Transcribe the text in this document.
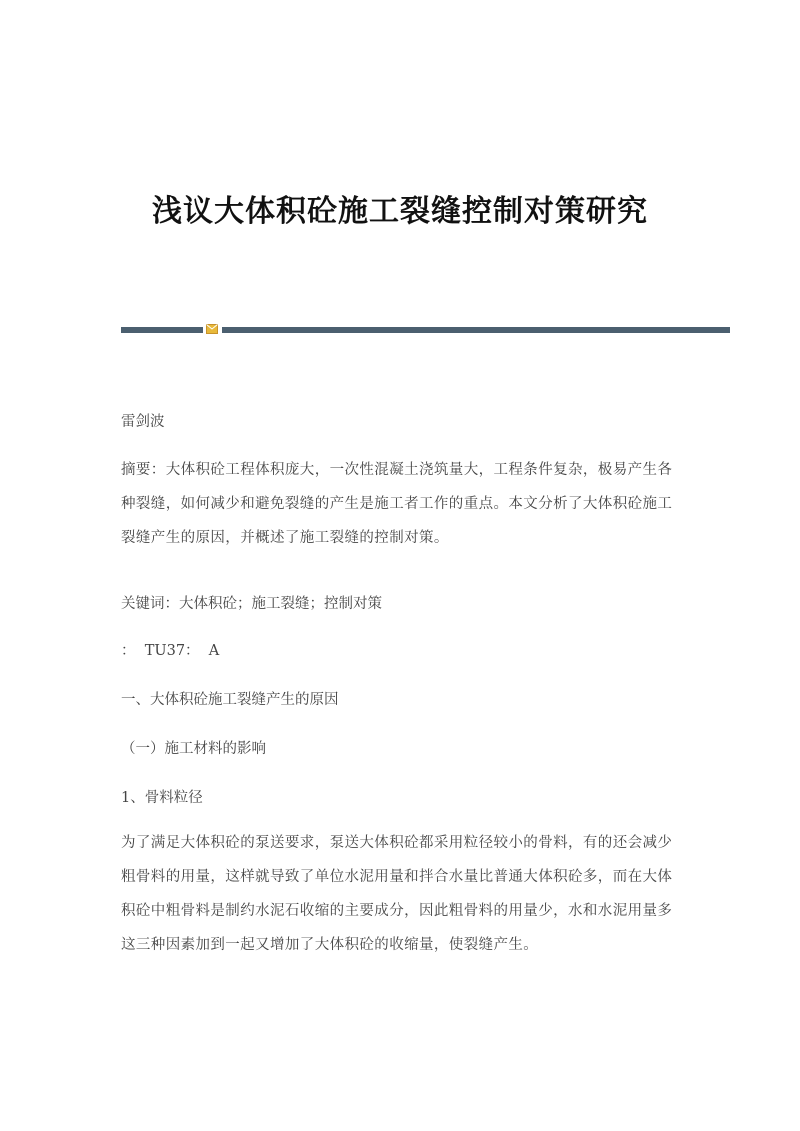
浅议大体积砼施工裂缝控制对策研究

雷剑波

摘要：大体积砼工程体积庞大，一次性混凝土浇筑量大，工程条件复杂，极易产生各种裂缝，如何减少和避免裂缝的产生是施工者工作的重点。本文分析了大体积砼施工裂缝产生的原因，并概述了施工裂缝的控制对策。

关键词：大体积砼；施工裂缝；控制对策

：  TU37：  A

一、大体积砼施工裂缝产生的原因

（一）施工材料的影响

1、骨料粒径

为了满足大体积砼的泵送要求，泵送大体积砼都采用粒径较小的骨料，有的还会减少粗骨料的用量，这样就导致了单位水泥用量和拌合水量比普通大体积砼多，而在大体积砼中粗骨料是制约水泥石收缩的主要成分，因此粗骨料的用量少，水和水泥用量多这三种因素加到一起又增加了大体积砼的收缩量，使裂缝产生。
